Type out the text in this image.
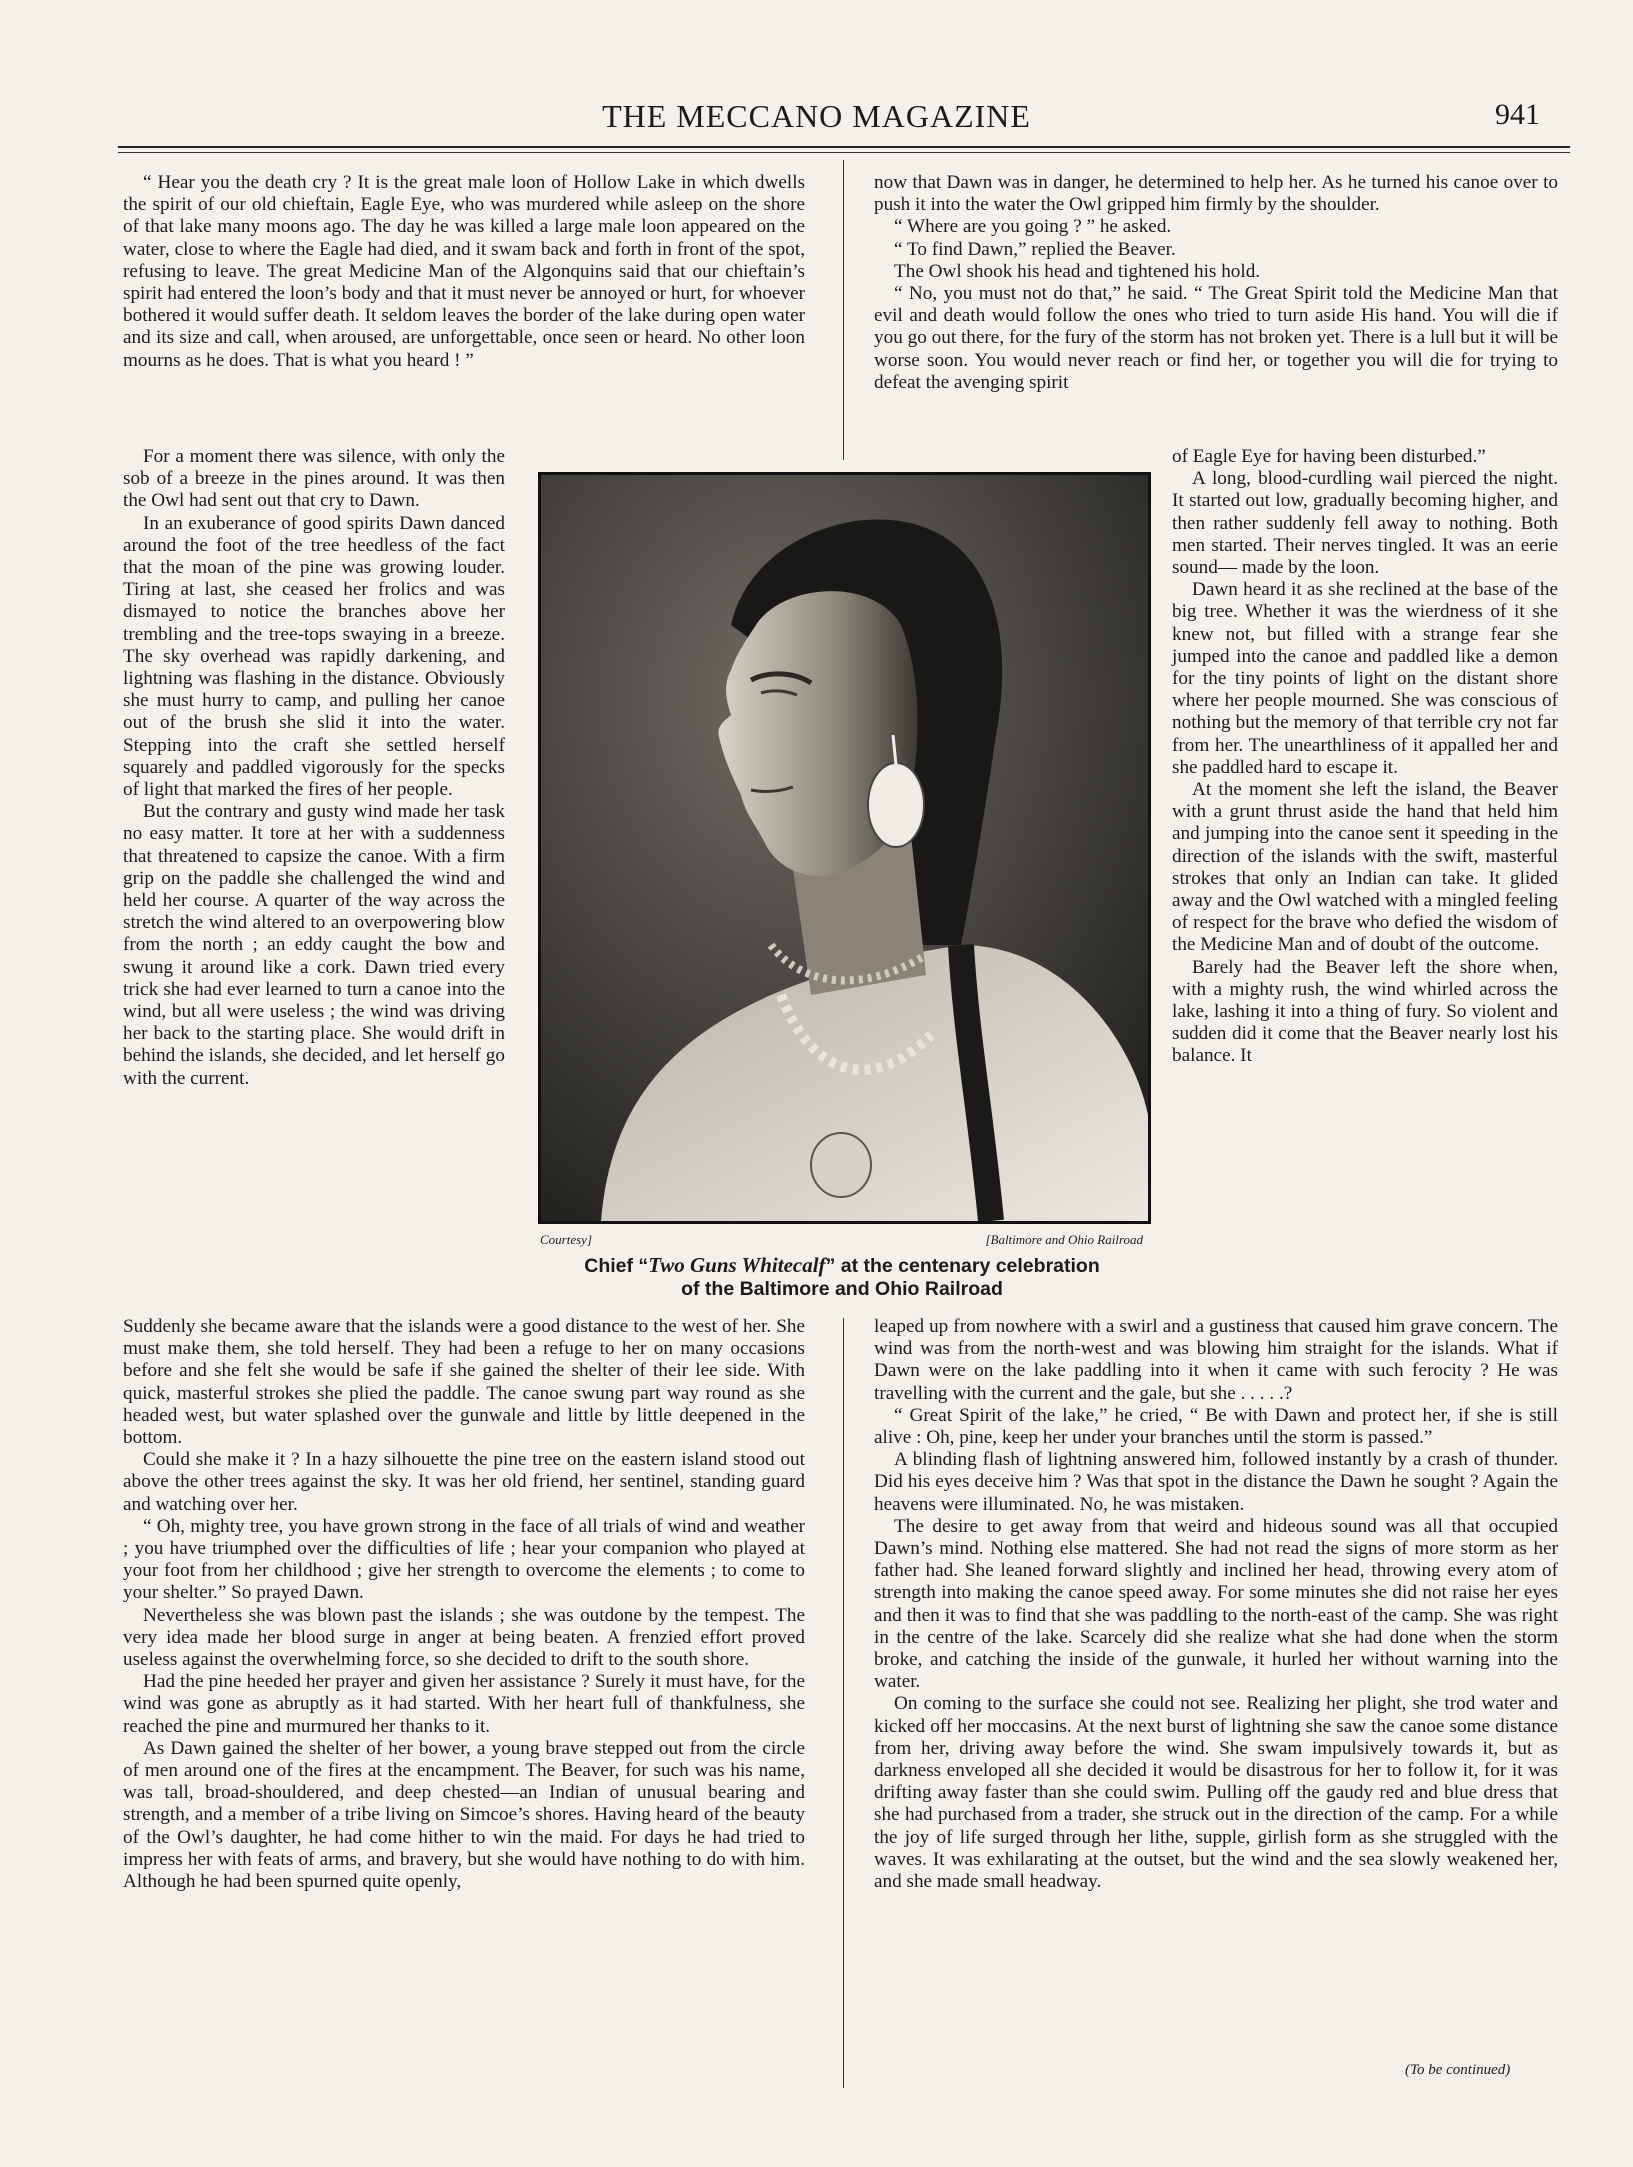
THE MECCANO MAGAZINE	941

“ Hear you the death cry ? It is the great male loon of Hollow Lake in which dwells the spirit of our old chieftain, Eagle Eye, who was murdered while asleep on the shore of that lake many moons ago. The day he was killed a large male loon appeared on the water, close to where the Eagle had died, and it swam back and forth in front of the spot, refusing to leave. The great Medicine Man of the Algonquins said that our chieftain’s spirit had entered the loon’s body and that it must never be annoyed or hurt, for whoever bothered it would suffer death. It seldom leaves the border of the lake during open water and its size and call, when aroused, are unforgettable, once seen or heard. No other loon mourns as he does. That is what you heard ! ”

For a moment there was silence, with only the sob of a breeze in the pines around. It was then the Owl had sent out that cry to Dawn.

In an exuberance of good spirits Dawn danced around the foot of the tree heedless of the fact that the moan of the pine was growing louder. Tiring at last, she ceased her frolics and was dismayed to notice the branches above her trembling and the tree-tops swaying in a breeze. The sky overhead was rapidly darkening, and lightning was flashing in the distance. Obviously she must hurry to camp, and pulling her canoe out of the brush she slid it into the water. Stepping into the craft she settled herself squarely and paddled vigorously for the specks of light that marked the fires of her people.

But the contrary and gusty wind made her task no easy matter. It tore at her with a suddenness that threatened to capsize the canoe. With a firm grip on the paddle she challenged the wind and held her course. A quarter of the way across the stretch the wind altered to an overpowering blow from the north ; an eddy caught the bow and swung it around like a cork. Dawn tried every trick she had ever learned to turn a canoe into the wind, but all were useless ; the wind was driving her back to the starting place. She would drift in behind the islands, she decided, and let herself go with the current.

Suddenly she became aware that the islands were a good distance to the west of her. She must make them, she told herself. They had been a refuge to her on many occasions before and she felt she would be safe if she gained the shelter of their lee side. With quick, masterful strokes she plied the paddle. The canoe swung part way round as she headed west, but water splashed over the gunwale and little by little deepened in the bottom.

Could she make it ? In a hazy silhouette the pine tree on the eastern island stood out above the other trees against the sky. It was her old friend, her sentinel, standing guard and watching over her.

“ Oh, mighty tree, you have grown strong in the face of all trials of wind and weather ; you have triumphed over the difficulties of life ; hear your companion who played at your foot from her childhood ; give her strength to overcome the elements ; to come to your shelter.” So prayed Dawn.

Nevertheless she was blown past the islands ; she was outdone by the tempest. The very idea made her blood surge in anger at being beaten. A frenzied effort proved useless against the overwhelming force, so she decided to drift to the south shore.

Had the pine heeded her prayer and given her assistance ? Surely it must have, for the wind was gone as abruptly as it had started. With her heart full of thankfulness, she reached the pine and murmured her thanks to it.

As Dawn gained the shelter of her bower, a young brave stepped out from the circle of men around one of the fires at the encampment. The Beaver, for such was his name, was tall, broad-shouldered, and deep chested—an Indian of unusual bearing and strength, and a member of a tribe living on Simcoe’s shores. Having heard of the beauty of the Owl’s daughter, he had come hither to win the maid. For days he had tried to impress her with feats of arms, and bravery, but she would have nothing to do with him. Although he had been spurned quite openly,

now that Dawn was in danger, he determined to help her. As he turned his canoe over to push it into the water the Owl gripped him firmly by the shoulder.

“ Where are you going ? ” he asked.

“ To find Dawn,” replied the Beaver.

The Owl shook his head and tightened his hold.

“ No, you must not do that,” he said. “ The Great Spirit told the Medicine Man that evil and death would follow the ones who tried to turn aside His hand. You will die if you go out there, for the fury of the storm has not broken yet. There is a lull but it will be worse soon. You would never reach or find her, or together you will die for trying to defeat the avenging spirit

of Eagle Eye for having been disturbed.”

A long, blood-curdling wail pierced the night. It started out low, gradually becoming higher, and then rather suddenly fell away to nothing. Both men started. Their nerves tingled. It was an eerie sound— made by the loon.

Dawn heard it as she reclined at the base of the big tree. Whether it was the wierdness of it she knew not, but filled with a strange fear she jumped into the canoe and paddled like a demon for the tiny points of light on the distant shore where her people mourned. She was conscious of nothing but the memory of that terrible cry not far from her. The unearthliness of it appalled her and she paddled hard to escape it.

At the moment she left the island, the Beaver with a grunt thrust aside the hand that held him and jumping into the canoe sent it speeding in the direction of the islands with the swift, masterful strokes that only an Indian can take. It glided away and the Owl watched with a mingled feeling of respect for the brave who defied the wisdom of the Medicine Man and of doubt of the outcome.

Barely had the Beaver left the shore when, with a mighty rush, the wind whirled across the lake, lashing it into a thing of fury. So violent and sudden did it come that the Beaver nearly lost his balance. It

leaped up from nowhere with a swirl and a gustiness that caused him grave concern. The wind was from the north-west and was blowing him straight for the islands. What if Dawn were on the lake paddling into it when it came with such ferocity ? He was travelling with the current and the gale, but she . . . . .?

“ Great Spirit of the lake,” he cried, “ Be with Dawn and protect her, if she is still alive : Oh, pine, keep her under your branches until the storm is passed.”

A blinding flash of lightning answered him, followed instantly by a crash of thunder. Did his eyes deceive him ? Was that spot in the distance the Dawn he sought ? Again the heavens were illuminated. No, he was mistaken.

The desire to get away from that weird and hideous sound was all that occupied Dawn’s mind. Nothing else mattered. She had not read the signs of more storm as her father had. She leaned forward slightly and inclined her head, throwing every atom of strength into making the canoe speed away. For some minutes she did not raise her eyes and then it was to find that she was paddling to the north-east of the camp. She was right in the centre of the lake. Scarcely did she realize what she had done when the storm broke, and catching the inside of the gunwale, it hurled her without warning into the water.

On coming to the surface she could not see. Realizing her plight, she trod water and kicked off her moccasins. At the next burst of lightning she saw the canoe some distance from her, driving away before the wind. She swam impulsively towards it, but as darkness enveloped all she decided it would be disastrous for her to follow it, for it was drifting away faster than she could swim. Pulling off the gaudy red and blue dress that she had purchased from a trader, she struck out in the direction of the camp. For a while the joy of life surged through her lithe, supple, girlish form as she struggled with the waves. It was exhilarating at the outset, but the wind and the sea slowly weakened her, and she made small headway.

Courtesy]	[Baltimore and Ohio Railroad
Chief “Two Guns Whitecalf” at the centenary celebration
of the Baltimore and Ohio Railroad
(To be continued)
